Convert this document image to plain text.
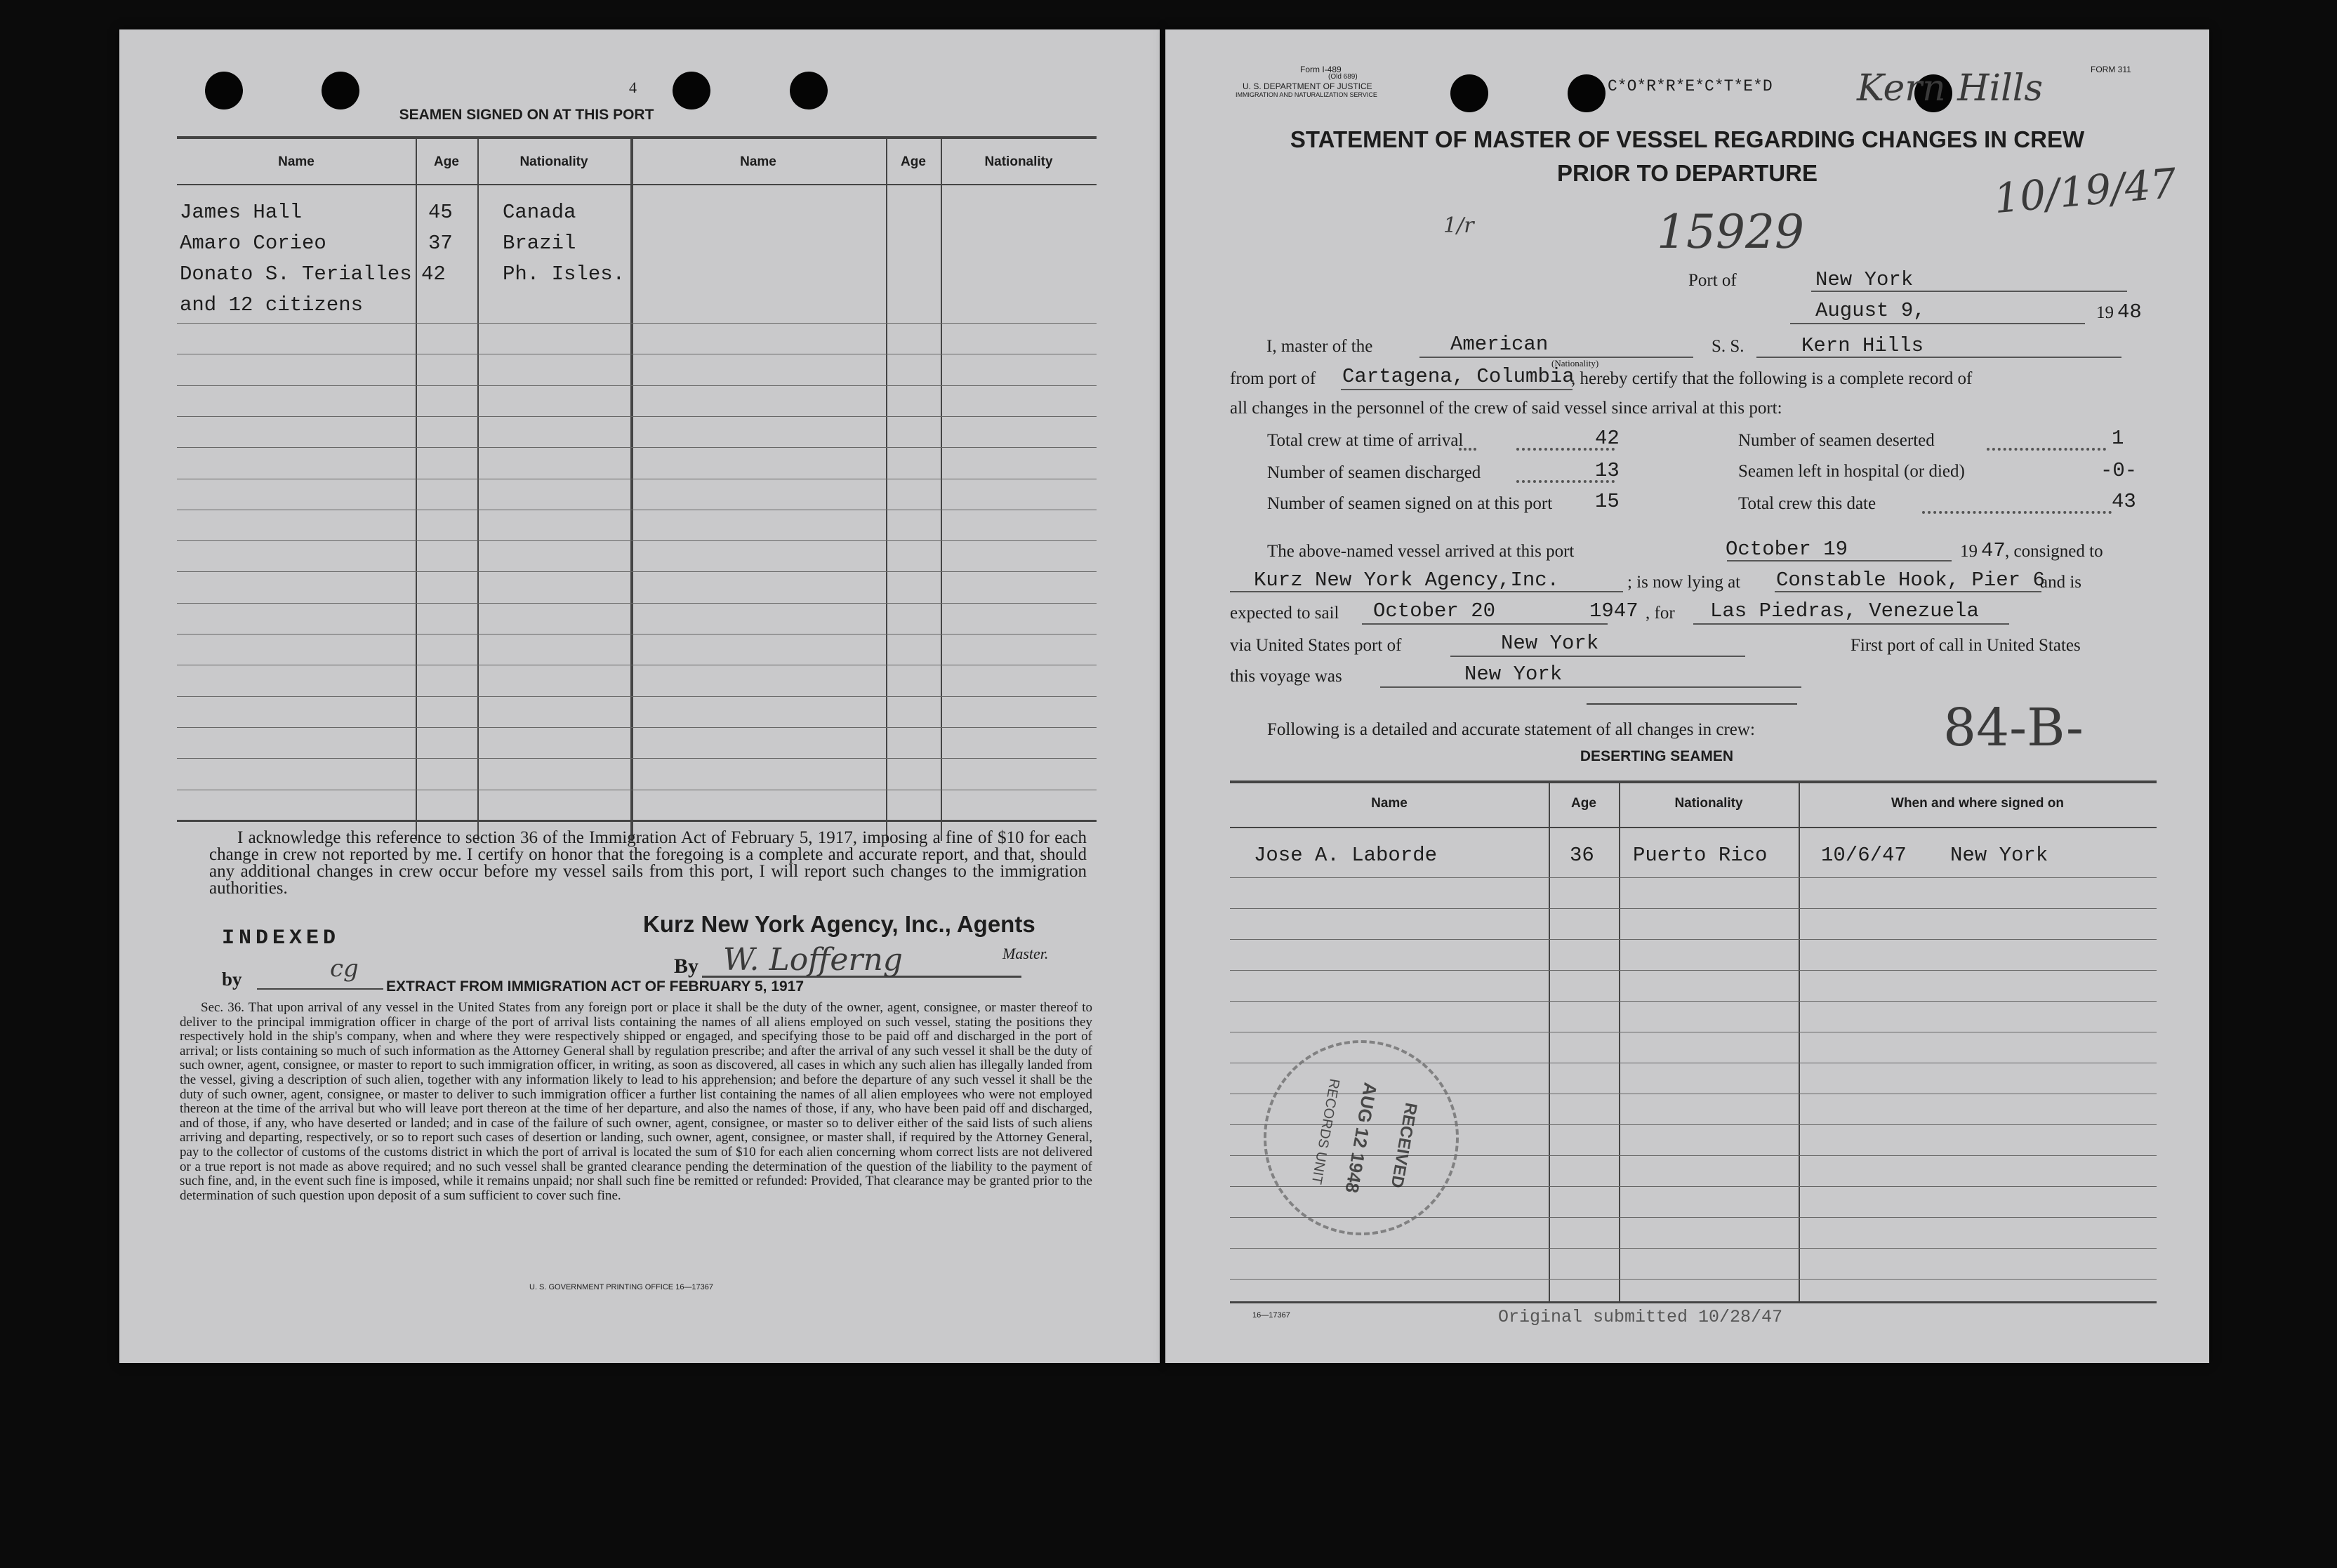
4
SEAMEN SIGNED ON AT THIS PORT
Name	Age	Nationality	Name	Age	Nationality
James Hall	45 Canada
Amaro Corieo	37 Brazil
Donato S. Terialles 42	Ph. Isles.
and 12 citizens
I acknowledge this reference to section 36 of the Immigration Act of February 5, 1917, imposing a fine of $10 for each change in crew not reported by me. I certify on honor that the foregoing is a complete and accurate report, and that, should any additional changes in crew occur before my vessel sails from this port, I will report such changes to the immigration authorities.
INDEXED
Kurz New York Agency, Inc., Agents
Master.
by	cg	By W. Lofferng
EXTRACT FROM IMMIGRATION ACT OF FEBRUARY 5, 1917
Sec. 36. That upon arrival of any vessel in the United States from any foreign port or place it shall be the duty of the owner, agent, consignee, or master thereof to deliver to the principal immigration officer in charge of the port of arrival lists containing the names of all aliens employed on such vessel, stating the positions they respectively hold in the ship's company, when and where they were respectively shipped or engaged, and specifying those to be paid off and discharged in the port of arrival; or lists containing so much of such information as the Attorney General shall by regulation prescribe; and after the arrival of any such vessel it shall be the duty of such owner, agent, consignee, or master to report to such immigration officer, in writing, as soon as discovered, all cases in which any such alien has illegally landed from the vessel, giving a description of such alien, together with any information likely to lead to his apprehension; and before the departure of any such vessel it shall be the duty of such owner, agent, consignee, or master to deliver to such immigration officer a further list containing the names of all alien employees who were not employed thereon at the time of the arrival but who will leave port thereon at the time of her departure, and also the names of those, if any, who have been paid off and discharged, and of those, if any, who have deserted or landed; and in case of the failure of such owner, agent, consignee, or master so to deliver either of the said lists of such aliens arriving and departing, respectively, or so to report such cases of desertion or landing, such owner, agent, consignee, or master shall, if required by the Attorney General, pay to the collector of customs of the customs district in which the port of arrival is located the sum of $10 for each alien concerning whom correct lists are not delivered or a true report is not made as above required; and no such vessel shall be granted clearance pending the determination of the question of the liability to the payment of such fine, and, in the event such fine is imposed, while it remains unpaid; nor shall such fine be remitted or refunded: Provided, That clearance may be granted prior to the determination of such question upon deposit of a sum sufficient to cover such fine.
U. S. GOVERNMENT PRINTING OFFICE 16—17367
Form I-489
(Old 689)
U. S. DEPARTMENT OF JUSTICE
IMMIGRATION AND NATURALIZATION SERVICE	C*O*R*R*E*C*T*E*D Kern Hills	FORM 311
STATEMENT OF MASTER OF VESSEL REGARDING CHANGES IN CREW
PRIOR TO DEPARTURE	10/19/47
15929
1/r
Port of	New York
August 9,	19 48
I, master of the	American
(Nationality)
S. S.	Kern Hills
from port of Cartagena, Columbia
, hereby certify that the following is a complete record of
all changes in the personnel of the crew of said vessel since arrival at this port:
Total crew at time of arrival	42
Number of seamen discharged	13
Number of seamen signed on at this port 15
Number of seamen deserted	1
Seamen left in hospital (or died)	-0-
Total crew this date	43
The above-named vessel arrived at this port	October 19	19 47 , consigned to
Kurz New York Agency,Inc.	; is now lying at Constable Hook, Pier 6
and is
expected to sail October 20	1947 , for Las Piedras, Venezuela
via United States port of	New York	First port of call in United States
this voyage was	New York
Following is a detailed and accurate statement of all changes in crew:	84-B-
DESERTING SEAMEN
Name	Age	Nationality	When and where signed on
Jose A. Laborde	36 Puerto Rico	10/6/47 New York
RECEIVED
AUG 12 1948
RECORDS UNIT
16—17367	Original submitted 10/28/47
